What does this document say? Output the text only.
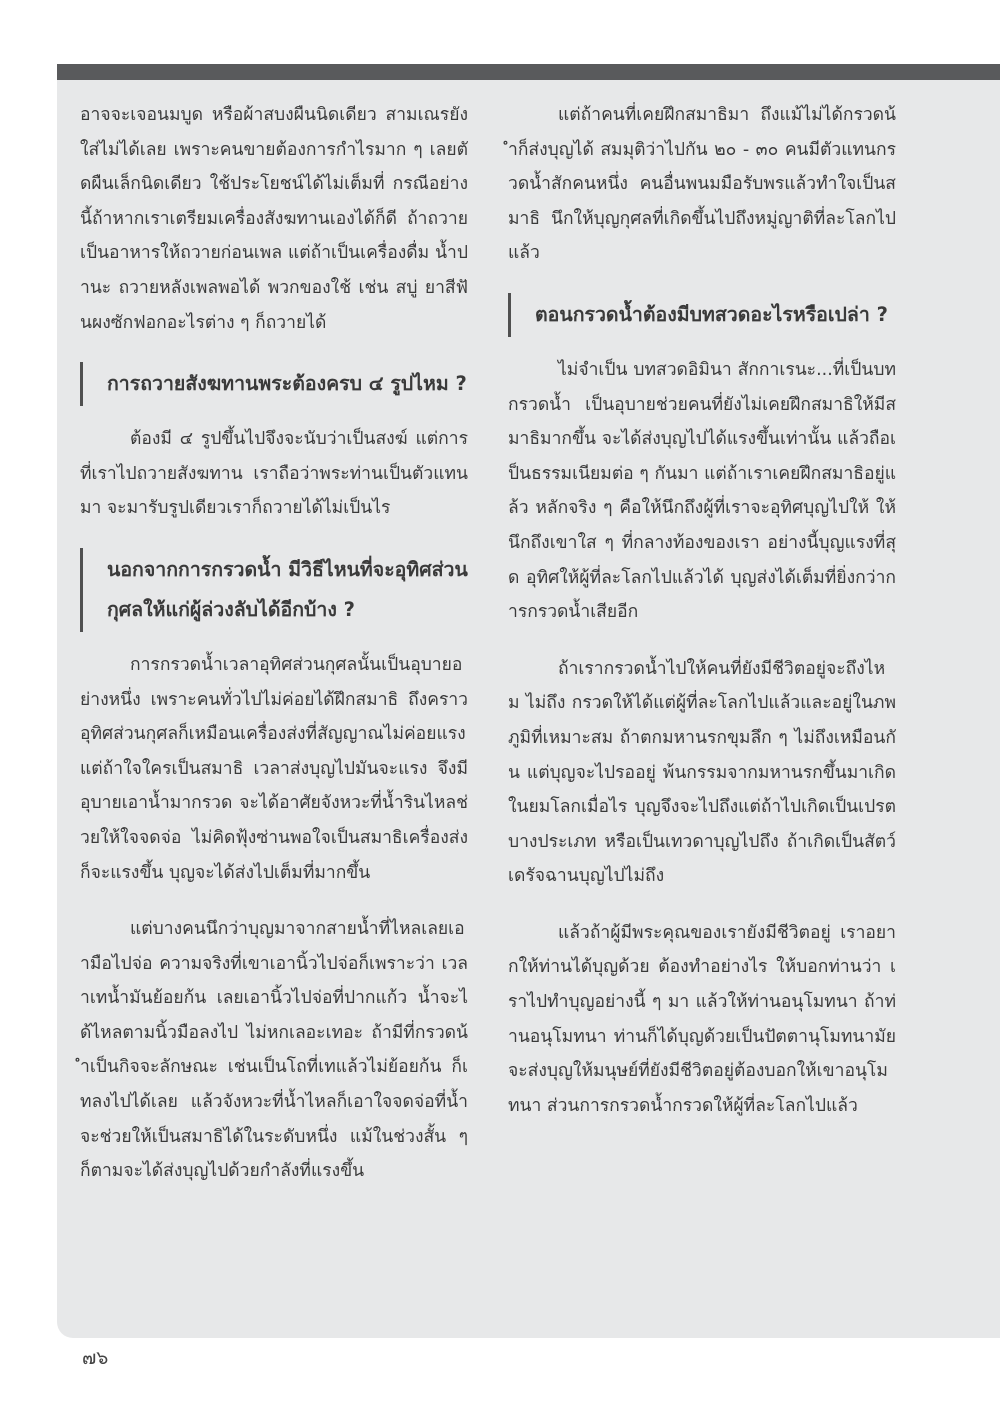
อาจจะเจอนมบูด หรือผ้าสบงผืนนิดเดียว สามเณรยังใส่ไม่ได้เลย เพราะคนขายต้องการกำไรมาก ๆ เลยตัดผืนเล็กนิดเดียว ใช้ประโยชน์ได้ไม่เต็มที่ กรณีอย่างนี้ถ้าหากเราเตรียมเครื่องสังฆทานเองได้ก็ดี ถ้าถวายเป็นอาหารให้ถวายก่อนเพล แต่ถ้าเป็นเครื่องดื่ม น้ำปานะ ถวายหลังเพลพอได้ พวกของใช้ เช่น สบู่ ยาสีฟันผงซักฟอกอะไรต่าง ๆ ก็ถวายได้

การถวายสังฆทานพระต้องครบ ๔ รูปไหม ?

ต้องมี ๔ รูปขึ้นไปจึงจะนับว่าเป็นสงฆ์ แต่การที่เราไปถวายสังฆทาน เราถือว่าพระท่านเป็นตัวแทนมา จะมารับรูปเดียวเราก็ถวายได้ไม่เป็นไร

นอกจากการกรวดน้ำ มีวิธีไหนที่จะอุทิศส่วนกุศลให้แก่ผู้ล่วงลับได้อีกบ้าง ?

การกรวดน้ำเวลาอุทิศส่วนกุศลนั้นเป็นอุบายอย่างหนึ่ง เพราะคนทั่วไปไม่ค่อยได้ฝึกสมาธิ ถึงคราวอุทิศส่วนกุศลก็เหมือนเครื่องส่งที่สัญญาณไม่ค่อยแรง แต่ถ้าใจใครเป็นสมาธิ เวลาส่งบุญไปมันจะแรง จึงมีอุบายเอาน้ำมากรวด จะได้อาศัยจังหวะที่น้ำรินไหลช่วยให้ใจจดจ่อ ไม่คิดฟุ้งซ่านพอใจเป็นสมาธิเครื่องส่งก็จะแรงขึ้น บุญจะได้ส่งไปเต็มที่มากขึ้น

แต่บางคนนึกว่าบุญมาจากสายน้ำที่ไหลเลยเอามือไปจ่อ ความจริงที่เขาเอานิ้วไปจ่อก็เพราะว่า เวลาเทน้ำมันย้อยก้น เลยเอานิ้วไปจ่อที่ปากแก้ว น้ำจะได้ไหลตามนิ้วมือลงไป ไม่หกเลอะเทอะ ถ้ามีที่กรวดน้ำเป็นกิจจะลักษณะ เช่นเป็นโถที่เทแล้วไม่ย้อยก้น ก็เทลงไปได้เลย แล้วจังหวะที่น้ำไหลก็เอาใจจดจ่อที่น้ำ จะช่วยให้เป็นสมาธิได้ในระดับหนึ่ง แม้ในช่วงสั้น ๆ ก็ตามจะได้ส่งบุญไปด้วยกำลังที่แรงขึ้น

แต่ถ้าคนที่เคยฝึกสมาธิมา ถึงแม้ไม่ได้กรวดน้ำก็ส่งบุญได้ สมมุติว่าไปกัน ๒๐ - ๓๐ คนมีตัวแทนกรวดน้ำสักคนหนึ่ง คนอื่นพนมมือรับพรแล้วทำใจเป็นสมาธิ นึกให้บุญกุศลที่เกิดขึ้นไปถึงหมู่ญาติที่ละโลกไปแล้ว

ตอนกรวดน้ำต้องมีบทสวดอะไรหรือเปล่า ?

ไม่จำเป็น บทสวดอิมินา สักกาเรนะ...ที่เป็นบทกรวดน้ำ เป็นอุบายช่วยคนที่ยังไม่เคยฝึกสมาธิให้มีสมาธิมากขึ้น จะได้ส่งบุญไปได้แรงขึ้นเท่านั้น แล้วถือเป็นธรรมเนียมต่อ ๆ กันมา แต่ถ้าเราเคยฝึกสมาธิอยู่แล้ว หลักจริง ๆ คือให้นึกถึงผู้ที่เราจะอุทิศบุญไปให้ ให้นึกถึงเขาใส ๆ ที่กลางท้องของเรา อย่างนี้บุญแรงที่สุด อุทิศให้ผู้ที่ละโลกไปแล้วได้ บุญส่งได้เต็มที่ยิ่งกว่าการกรวดน้ำเสียอีก

ถ้าเรากรวดน้ำไปให้คนที่ยังมีชีวิตอยู่จะถึงไหม ไม่ถึง กรวดให้ได้แต่ผู้ที่ละโลกไปแล้วและอยู่ในภพภูมิที่เหมาะสม ถ้าตกมหานรกขุมลึก ๆ ไม่ถึงเหมือนกัน แต่บุญจะไปรออยู่ พ้นกรรมจากมหานรกขึ้นมาเกิดในยมโลกเมื่อไร บุญจึงจะไปถึงแต่ถ้าไปเกิดเป็นเปรตบางประเภท หรือเป็นเทวดาบุญไปถึง ถ้าเกิดเป็นสัตว์เดรัจฉานบุญไปไม่ถึง

แล้วถ้าผู้มีพระคุณของเรายังมีชีวิตอยู่ เราอยากให้ท่านได้บุญด้วย ต้องทำอย่างไร ให้บอกท่านว่า เราไปทำบุญอย่างนี้ ๆ มา แล้วให้ท่านอนุโมทนา ถ้าท่านอนุโมทนา ท่านก็ได้บุญด้วยเป็นปัตตานุโมทนามัย จะส่งบุญให้มนุษย์ที่ยังมีชีวิตอยู่ต้องบอกให้เขาอนุโมทนา ส่วนการกรวดน้ำกรวดให้ผู้ที่ละโลกไปแล้ว

๗๖
